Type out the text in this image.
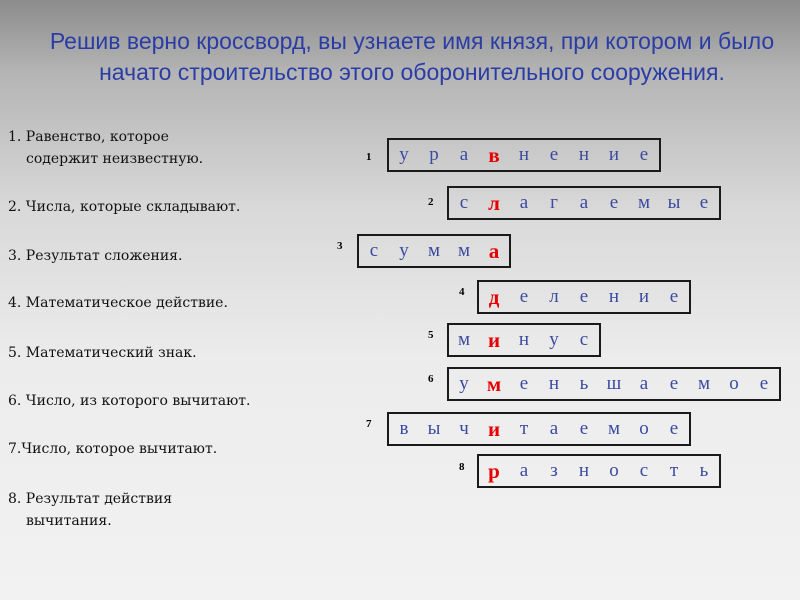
Решив верно кроссворд, вы узнаете имя князя, при котором и было начато строительство этого оборонительного сооружения.
1. Равенство, которое
содержит неизвестную.
2. Числа, которые складывают.
3. Результат сложения.
4. Математическое действие.
5. Математический знак.
6. Число, из которого вычитают.
7.Число, которое вычитают.
8. Результат действия
вычитания.
у	р	а в	н	е	н	и	е
1
с л	а	г	а	е	м ы	е
2
с	у	м м а
3
д	е	л	е	н	и	е
4
м и н	у	с
5
у м е	н	ь ш а	е	м	о	е
6
в	ы ч и	т	а	е	м	о	е
7
р	а	з	н	о	с	т	ь
8
